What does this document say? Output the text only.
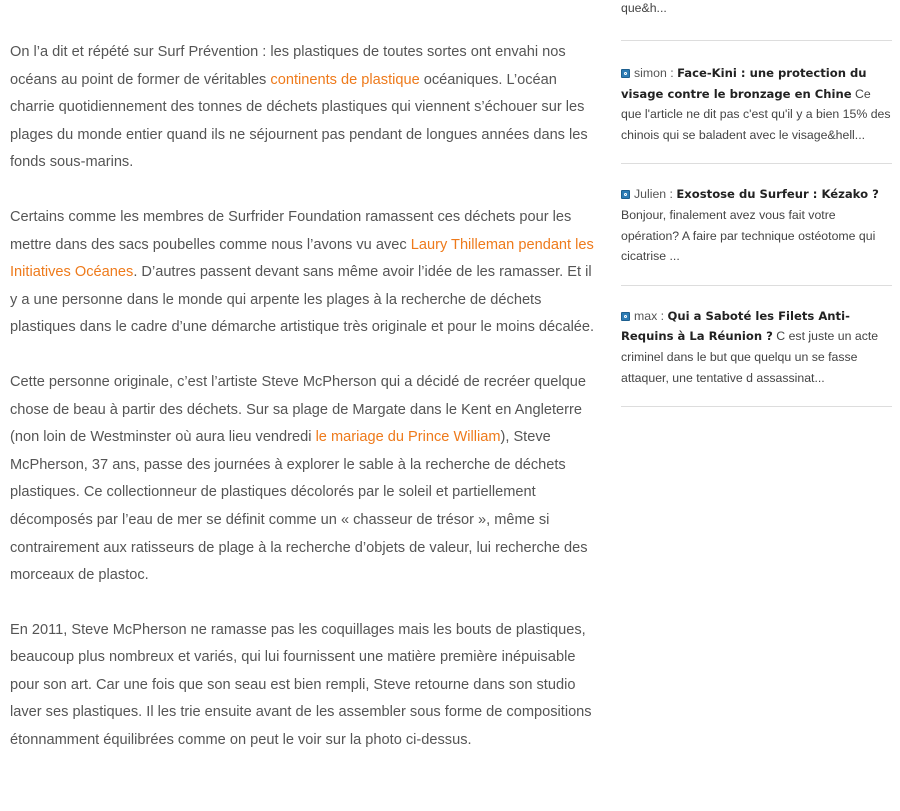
On l’a dit et répété sur Surf Prévention : les plastiques de toutes sortes ont envahi nos océans au point de former de véritables continents de plastique océaniques. L’océan charrie quotidiennement des tonnes de déchets plastiques qui viennent s’échouer sur les plages du monde entier quand ils ne séjournent pas pendant de longues années dans les fonds sous-marins.

Certains comme les membres de Surfrider Foundation ramassent ces déchets pour les mettre dans des sacs poubelles comme nous l’avons vu avec Laury Thilleman pendant les Initiatives Océanes. D’autres passent devant sans même avoir l’idée de les ramasser. Et il y a une personne dans le monde qui arpente les plages à la recherche de déchets plastiques dans le cadre d’une démarche artistique très originale et pour le moins décalée.

Cette personne originale, c’est l’artiste Steve McPherson qui a décidé de recréer quelque chose de beau à partir des déchets. Sur sa plage de Margate dans le Kent en Angleterre (non loin de Westminster où aura lieu vendredi le mariage du Prince William), Steve McPherson, 37 ans, passe des journées à explorer le sable à la recherche de déchets plastiques. Ce collectionneur de plastiques décolorés par le soleil et partiellement décomposés par l’eau de mer se définit comme un « chasseur de trésor », même si contrairement aux ratisseurs de plage à la recherche d’objets de valeur, lui recherche des morceaux de plastoc.

En 2011, Steve McPherson ne ramasse pas les coquillages mais les bouts de plastiques, beaucoup plus nombreux et variés, qui lui fournissent une matière première inépuisable pour son art. Car une fois que son seau est bien rempli, Steve retourne dans son studio laver ses plastiques. Il les trie ensuite avant de les assembler sous forme de compositions étonnamment équilibrées comme on peut le voir sur la photo ci-dessus.

que&h...
simon : Face-Kini : une protection du visage contre le bronzage en Chine Ce que l'article ne dit pas c'est qu'il y a bien 15% des chinois qui se baladent avec le visage&hell...
Julien : Exostose du Surfeur : Kézako ? Bonjour, finalement avez vous fait votre opération? A faire par technique ostéotome qui cicatrise ...
max : Qui a Saboté les Filets Anti-Requins à La Réunion ? C est juste un acte criminel dans le but que quelqu un se fasse attaquer, une tentative d assassinat...
